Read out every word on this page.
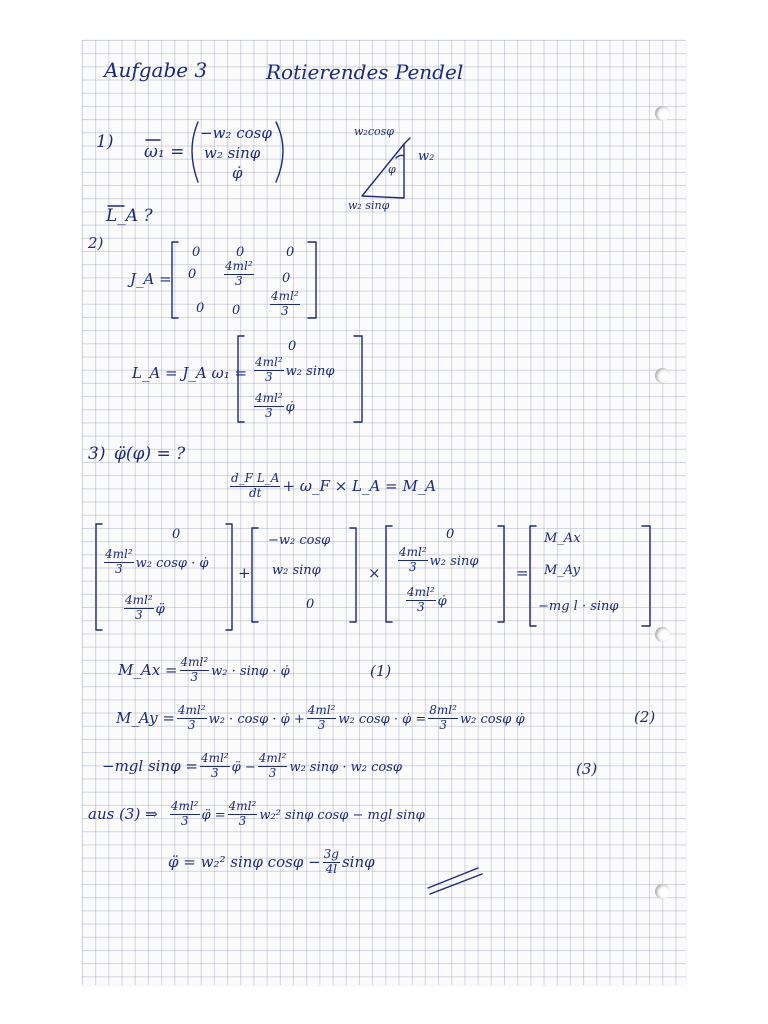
Aufgabe 3	Rotierendes Pendel
1) ω₁ =
−w₂ cosφ
w₂ sinφ
φ̇
w₂cosφ
w₂
φ
w₂ sinφ
L_A ?
2)
J_A =
0	0	0
$0 \frac{\text{4ml²}}{3} 0$
0 $0 \frac{\text{4ml²}}{3}$
L_A = J_A ω₁ =
0
$\frac{\text{4ml²}}{3} w_2$ sinφ
$\frac{\text{4ml²}}{3}$ φ̇
3) φ̈(φ) = ?
$\frac{\text{d\_F L\_A}}{dt}$ + ω_F × L_A = M_A
0
$\frac{\text{4ml²}}{3} w_2$ cosφ · φ̇
$\frac{\text{4ml²}}{3}$ φ̈
+
−w₂ cosφ
w₂ sinφ
0
×
0
$\frac{\text{4ml²}}{3} w_2$ sinφ
$\frac{\text{4ml²}}{3}$ φ̇
=
M_Ax
M_Ay
−mg l · sinφ
M_Ax = $\frac{\text{4ml²}}{3} w_2 \cdot \sin\varphi$ · φ̇	(1)
M_Ay = $\frac{\text{4ml²}}{3} w_2 \cdot \cos\varphi$ · φ̇ + $\frac{\text{4ml²}}{3} w_2$ cosφ · φ̇ = $\frac{\text{8ml²}}{3} w_2$ cosφ φ̇	(2)
−mgl $\sin\varphi = \frac{\text{4ml²}}{3}$ φ̈ − $\frac{\text{4ml²}}{3} w_2$ sinφ · w₂ cosφ	(3)
aus (3) ⇒ $\frac{\text{4ml²}}{3}$ φ̈ = $\frac{\text{4ml²}}{3} w_2^2$ sinφ cosφ − mgl sinφ
φ̈ = w₂² sinφ $\cos\varphi - \frac{3g}{4l}$ sinφ
